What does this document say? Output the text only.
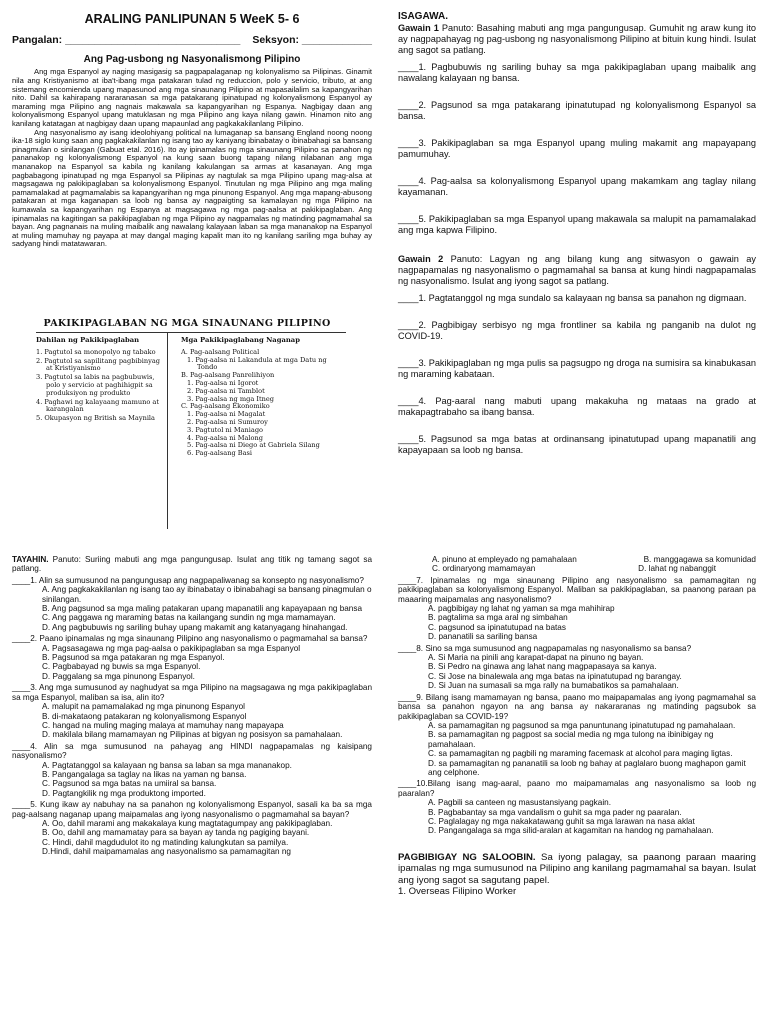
ARALING PANLIPUNAN 5 WeeK 5- 6
Pangalan: ______________________________ Seksyon: ____________
Ang Pag-usbong ng Nasyonalismong Pilipino

Ang mga Espanyol ay naging masigasig sa pagpapalaganap ng kolonyalismo sa Pilipinas. Ginamit nila ang Kristiyanismo at iba't-ibang mga patakaran tulad ng reduccion, polo y servicio, tributo, at ang sistemang encomienda upang mapasunod ang mga sinaunang Pilipino at mapasailalim sa kapangyarihan nito. Dahil sa kahirapang nararanasan sa mga patakarang ipinatupad ng kolonyalismong Espanyol ay maraming mga Pilipino ang nagnais makawala sa kapangyarihan ng Espanya. Nagbigay daan ang kolonyalismong Espanyol upang matuklasan ng mga Pilipino ang kaya nilang gawin. Hinamon nito ang kanilang katatagan at nagbigay daan upang mapaunlad ang pagkakakilanlang Pilipino.

Ang nasyonalismo ay isang ideolohiyang political na lumaganap sa bansang England noong noong ika-18 siglo kung saan ang pagkakakilanlan ng isang tao ay kaniyang ibinabatay o ibinabahagi sa bansang pinagmulan o sinilangan (Gabuat etal. 2016). Ito ay ipinamalas ng mga sinaunang Pilipino sa panahon ng pananakop ng kolonyalismong Espanyol na kung saan buong tapang nilang nilabanan ang mga mananakop na Espanyol sa kabila ng kanilang kakulangan sa armas at kasanayan. Ang mga pagbabagong ipinatupad ng mga Espanyol sa Pilipinas ay nagtulak sa mga Pilipino upang mag-alsa at magsagawa ng pakikipaglaban sa kolonyalismong Espanyol. Tinutulan ng mga Pilipino ang mga maling pamamalakad at pagmamalabis sa kapangyarihan ng mga pinunong Espanyol. Ang mga mapang-abusong patakaran at mga kaganapan sa loob ng bansa ay nagpaigting sa kamalayan ng mga Pilipino na kumawala sa kapangyarihan ng Espanya at magsagawa ng mga pag-aalsa at pakikipaglaban. Ang ipinamalas na kagitingan sa pakikipaglaban ng mga Pilipino ay nagpamalas ng matinding pagmamahal sa bayan. Ang pagnanais na muling maibalik ang nawalang kalayaan laban sa mga mananakop na Espanyol at muling mamuhay ng payapa at may dangal maging kapalit man ito ng kanilang sariling mga buhay ay sadyang hindi matatawaran.

PAKIKIPAGLABAN NG MGA SINAUNANG PILIPINO
Dahilan ng Pakikipaglaban
1. Pagtutol sa monopolyo ng tabako
2. Pagtutol sa sapilitang pagbibinyag at Kristiyanismo
3. Pagtutol sa labis na pagbubuwis, polo y servicio at paghihigpit sa produksiyon ng produkto
4. Paghawi ng kalayaang mamuno at karangalan
5. Okupasyon ng British sa Maynila
Mga Pakikipaglabang Naganap
A. Pag-aalsang Political
1. Pag-aalsa ni Lakandula at mga Datu ng Tondo
B. Pag-aalsang Panrelihiyon
1. Pag-aalsa ni Igorot
2. Pag-aalsa ni Tamblot
3. Pag-aalsa ng mga Itneg
C. Pag-aalsang Ekonomiko
1. Pag-aalsa ni Magalat
2. Pag-aalsa ni Sumuroy
3. Pagtutol ni Maniago
4. Pag-aalsa ni Malong
5. Pag-aalsa ni Diego at Gabriela Silang
6. Pag-aalsang Basi
ISAGAWA.
Gawain 1 Panuto: Basahing mabuti ang mga pangungusap. Gumuhit ng araw kung ito ay nagpapahayag ng pag-usbong ng nasyonalismong Pilipino at bituin kung hindi. Isulat ang sagot sa patlang.
____1. Pagbubuwis ng sariling buhay sa mga pakikipaglaban upang maibalik ang nawalang kalayaan ng bansa.
____2. Pagsunod sa mga patakarang ipinatutupad ng kolonyalismong Espanyol sa bansa.
____3. Pakikipaglaban sa mga Espanyol upang muling makamit ang mapayapang pamumuhay.
____4. Pag-aalsa sa kolonyalismong Espanyol upang makamkam ang taglay nilang kayamanan.
____5. Pakikipaglaban sa mga Espanyol upang makawala sa malupit na pamamalakad ang mga kapwa Filipino.
Gawain 2 Panuto: Lagyan ng ang bilang kung ang sitwasyon o gawain ay nagpapamalas ng nasyonalismo o pagmamahal sa bansa at kung hindi nagpapamalas ng nasyonalismo. Isulat ang iyong sagot sa patlang.
____1. Pagtatanggol ng mga sundalo sa kalayaan ng bansa sa panahon ng digmaan.
____2. Pagbibigay serbisyo ng mga frontliner sa kabila ng panganib na dulot ng COVID-19.
____3. Pakikipaglaban ng mga pulis sa pagsugpo ng droga na sumisira sa kinabukasan ng maraming kabataan.
____4. Pag-aaral nang mabuti upang makakuha ng mataas na grado at makapagtrabaho sa ibang bansa.
____5. Pagsunod sa mga batas at ordinansang ipinatutupad upang mapanatili ang kapayapaan sa loob ng bansa.
TAYAHIN. Panuto: Suriing mabuti ang mga pangungusap. Isulat ang titik ng tamang sagot sa patlang.
____1. Alin sa sumusunod na pangungusap ang nagpapaliwanag sa konsepto ng nasyonalismo?
A. Ang pagkakakilanlan ng isang tao ay ibinabatay o ibinabahagi sa bansang pinagmulan o sinilangan.
B. Ang pagsunod sa mga maling patakaran upang mapanatili ang kapayapaan ng bansa
C. Ang paggawa ng maraming batas na kailangang sundin ng mga mamamayan.
D. Ang pagbubuwis ng sariling buhay upang makamit ang katanyagang hinahangad.
____2. Paano ipinamalas ng mga sinaunang Pilipino ang nasyonalismo o pagmamahal sa bansa?
A. Pagsasagawa ng mga pag-aalsa o pakikipaglaban sa mga Espanyol
B. Pagsunod sa mga patakaran ng mga Espanyol.
C. Pagbabayad ng buwis sa mga Espanyol.
D. Paggalang sa mga pinunong Espanyol.
____3. Ang mga sumusunod ay naghudyat sa mga Pilipino na magsagawa ng mga pakikipaglaban sa mga Espanyol, maliban sa isa, alin ito?
A. malupit na pamamalakad ng mga pinunong Espanyol
B. di-makataong patakaran ng kolonyalismong Espanyol
C. hangad na muling maging malaya at mamuhay nang mapayapa
D. makilala bilang mamamayan ng Pilipinas at bigyan ng posisyon sa pamahalaan.
____4. Alin sa mga sumusunod na pahayag ang HINDI nagpapamalas ng kaisipang nasyonalismo?
A. Pagtatanggol sa kalayaan ng bansa sa laban sa mga mananakop.
B. Pangangalaga sa taglay na likas na yaman ng bansa.
C. Pagsunod sa mga batas na umiiral sa bansa.
D. Pagtangkilik ng mga produktong imported.
____5. Kung ikaw ay nabuhay na sa panahon ng kolonyalismong Espanyol, sasali ka ba sa mga pag-aalsang naganap upang maipamalas ang iyong nasyonalismo o pagmamahal sa bayan?
A. Oo, dahil marami ang makakalaya kung magtatagumpay ang pakikipaglaban.
B. Oo, dahil ang mamamatay para sa bayan ay tanda ng pagiging bayani.
C. Hindi, dahil magdudulot ito ng matinding kalungkutan sa pamilya.
D.Hindi, dahil maipamamalas ang nasyonalismo sa pamamagitan ng
A. pinuno at empleyado ng pamahalaan	B. manggagawa sa komunidad
C. ordinaryong mamamayan	D. lahat ng nabanggit
____7. Ipinamalas ng mga sinaunang Pilipino ang nasyonalismo sa pamamagitan ng pakikipaglaban sa kolonyalismong Espanyol. Maliban sa pakikipaglaban, sa paanong paraan pa maaaring maipamalas ang nasyonalismo?
A. pagbibigay ng lahat ng yaman sa mga mahihirap
B. pagtalima sa mga aral ng simbahan
C. pagsunod sa ipinatutupad na batas
D. pananatili sa sariling bansa
____8. Sino sa mga sumusunod ang nagpapamalas ng nasyonalismo sa bansa?
A. Si Maria na pinili ang karapat-dapat na pinuno ng bayan.
B. Si Pedro na ginawa ang lahat nang magpapasaya sa kanya.
C. Si Jose na binalewala ang mga batas na ipinatutupad ng barangay.
D. Si Juan na sumasali sa mga rally na bumabatikos sa pamahalaan.
____9. Bilang isang mamamayan ng bansa, paano mo maipapamalas ang iyong pagmamahal sa bansa sa panahon ngayon na ang bansa ay nakararanas ng matinding pagsubok sa pakikipaglaban sa COVID-19?
A. sa pamamagitan ng pagsunod sa mga panuntunang ipinatutupad ng pamahalaan.
B. sa pamamagitan ng pagpost sa social media ng mga tulong na ibinibigay ng pamahalaan.
C. sa pamamagitan ng pagbili ng maraming facemask at alcohol para maging ligtas.
D. sa pamamagitan ng pananatili sa loob ng bahay at paglalaro buong maghapon gamit ang celphone.
____10.Bilang isang mag-aaral, paano mo maipamamalas ang nasyonalismo sa loob ng paaralan?
A. Pagbili sa canteen ng masustansiyang pagkain.
B. Pagbabantay sa mga vandalism o guhit sa mga pader ng paaralan.
C. Paglalagay ng mga nakakatawang guhit sa mga larawan na nasa aklat
D. Pangangalaga sa mga silid-aralan at kagamitan na handog ng pamahalaan.
PAGBIBIGAY NG SALOOBIN. Sa iyong palagay, sa paanong paraan maaring ipamalas ng mga sumusunod na Pilipino ang kanilang pagmamahal sa bayan. Isulat ang iyong sagot sa sagutang papel.
1. Overseas Filipino Worker
